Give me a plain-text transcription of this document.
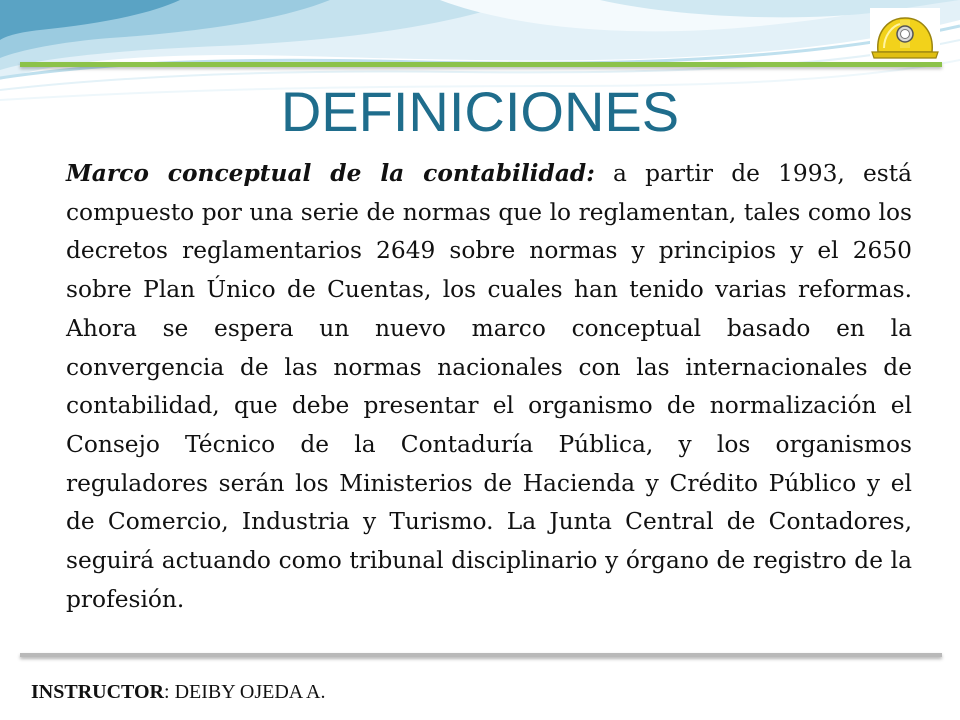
DEFINICIONES

Marco conceptual de la contabilidad: a partir de 1993, está compuesto por una serie de normas que lo reglamentan, tales como los decretos reglamentarios 2649 sobre normas y principios y el 2650 sobre Plan Único de Cuentas, los cuales han tenido varias reformas. Ahora se espera un nuevo marco conceptual basado en la convergencia de las normas nacionales con las internacionales de contabilidad, que debe presentar el organismo de normalización el Consejo Técnico de la Contaduría Pública, y los organismos reguladores serán los Ministerios de Hacienda y Crédito Público y el de Comercio, Industria y Turismo. La Junta Central de Contadores, seguirá actuando como tribunal disciplinario y órgano de registro de la profesión.

INSTRUCTOR: DEIBY OJEDA A.
